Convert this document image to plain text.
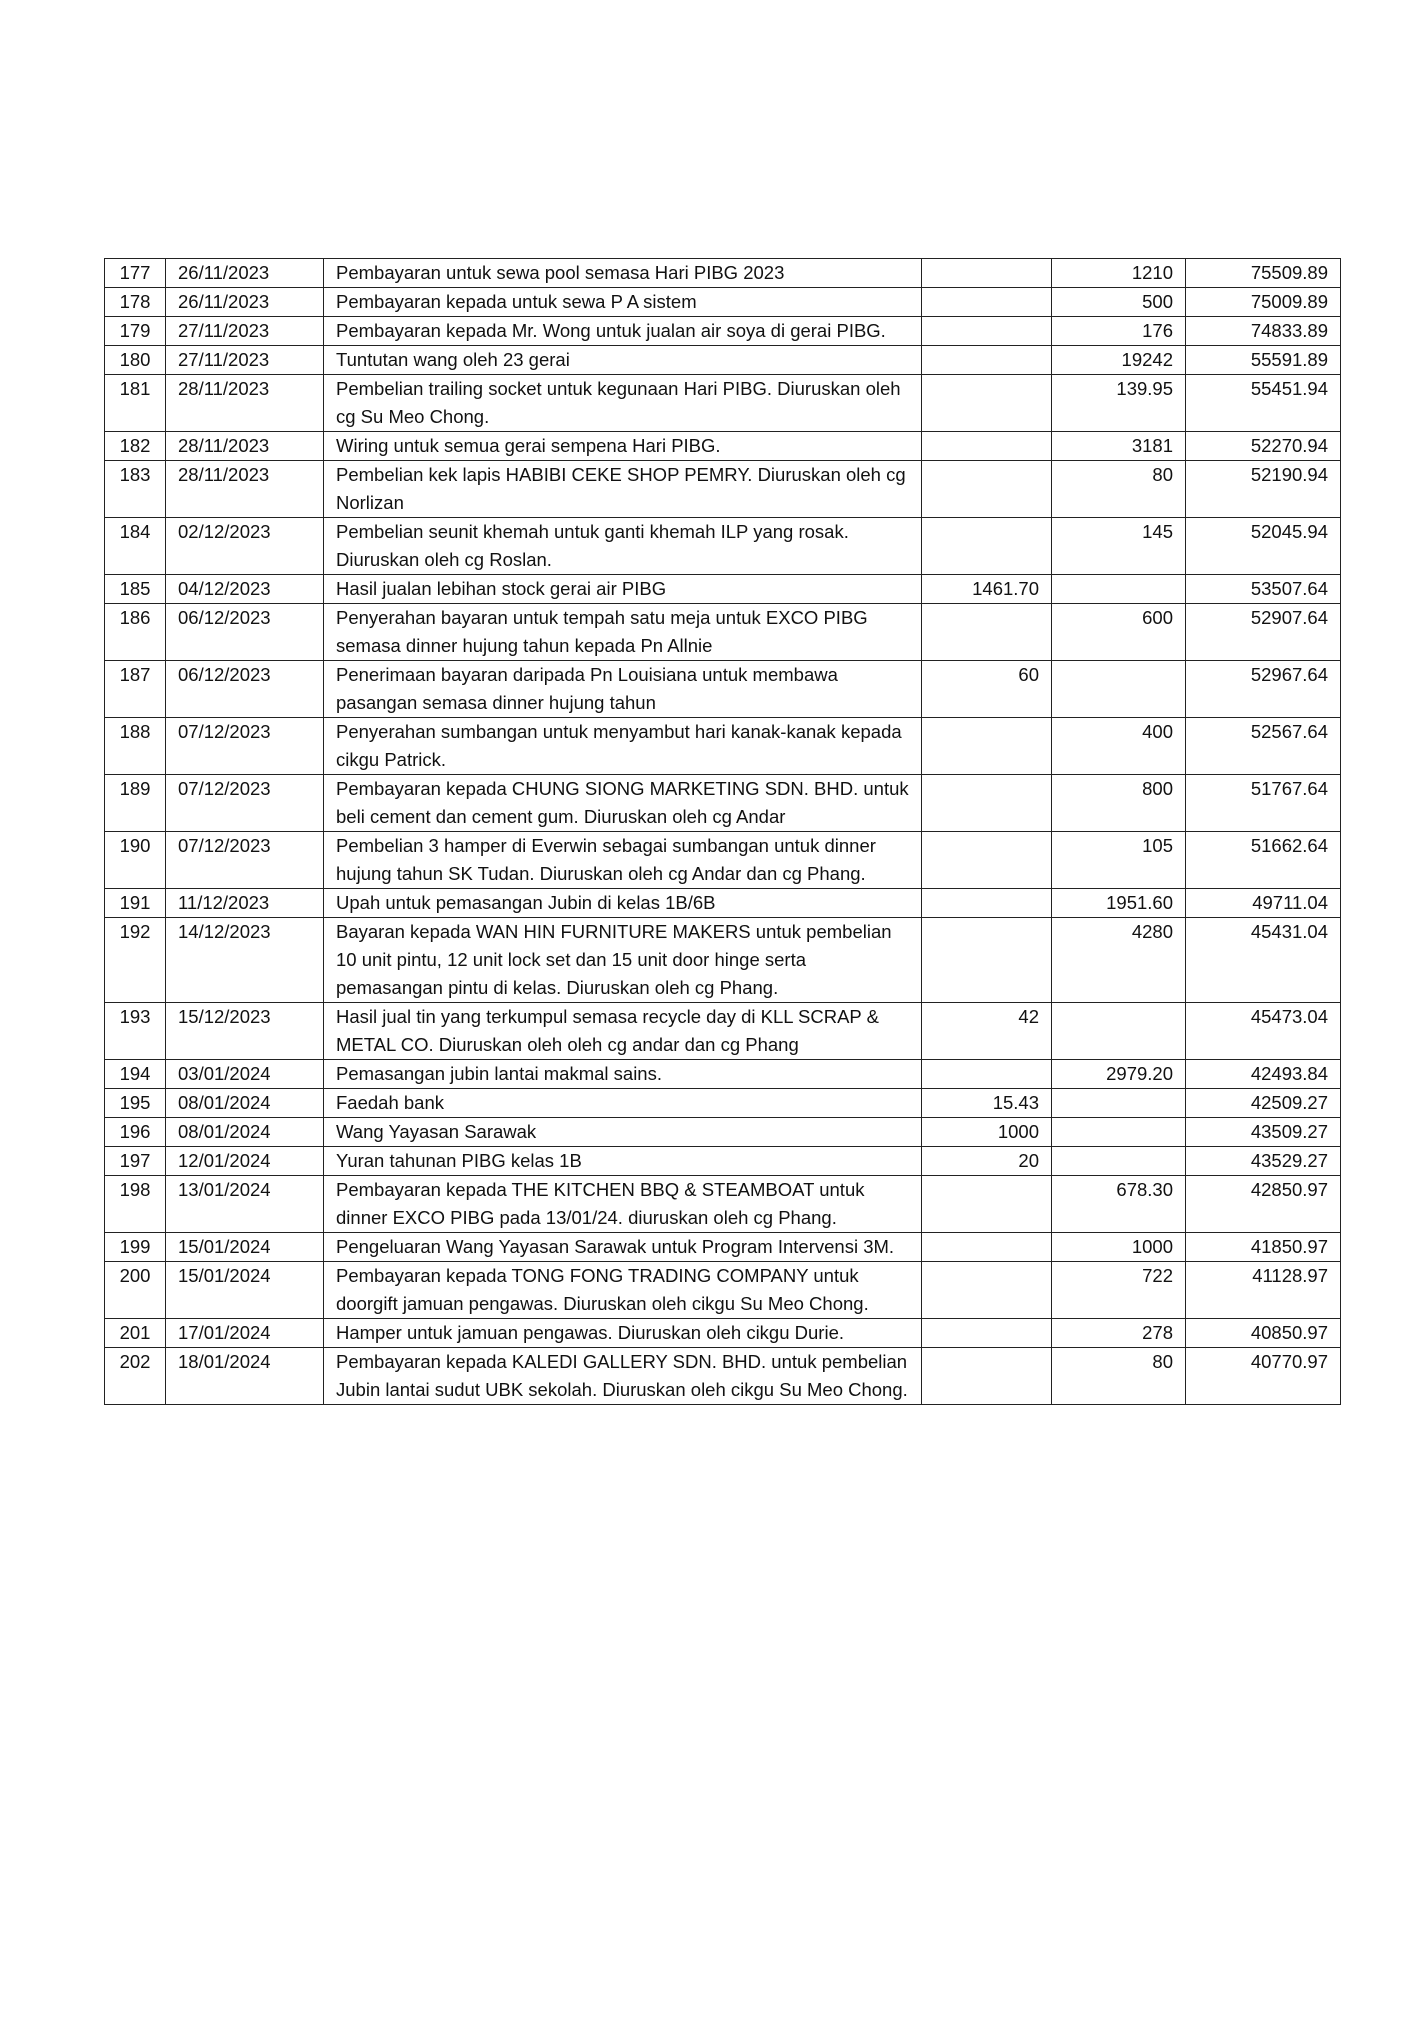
177	26/11/2023	Pembayaran untuk sewa pool semasa Hari PIBG 2023		1210	75509.89
178	26/11/2023	Pembayaran kepada untuk sewa P A sistem		500	75009.89
179	27/11/2023	Pembayaran kepada Mr. Wong untuk jualan air soya di gerai PIBG.		176	74833.89
180	27/11/2023	Tuntutan wang oleh 23 gerai		19242	55591.89
181	28/11/2023	Pembelian trailing socket untuk kegunaan Hari PIBG. Diuruskan oleh cg Su Meo Chong.		139.95	55451.94
182	28/11/2023	Wiring untuk semua gerai sempena Hari PIBG.		3181	52270.94
183	28/11/2023	Pembelian kek lapis HABIBI CEKE SHOP PEMRY. Diuruskan oleh cg Norlizan		80	52190.94
184	02/12/2023	Pembelian seunit khemah untuk ganti khemah ILP yang rosak. Diuruskan oleh cg Roslan.		145	52045.94
185	04/12/2023	Hasil jualan lebihan stock gerai air PIBG	1461.70		53507.64
186	06/12/2023	Penyerahan bayaran untuk tempah satu meja untuk EXCO PIBG semasa dinner hujung tahun kepada Pn Allnie		600	52907.64
187	06/12/2023	Penerimaan bayaran daripada Pn Louisiana untuk membawa pasangan semasa dinner hujung tahun	60		52967.64
188	07/12/2023	Penyerahan sumbangan untuk menyambut hari kanak-kanak kepada cikgu Patrick.		400	52567.64
189	07/12/2023	Pembayaran kepada CHUNG SIONG MARKETING SDN. BHD. untuk beli cement dan cement gum. Diuruskan oleh cg Andar		800	51767.64
190	07/12/2023	Pembelian 3 hamper di Everwin sebagai sumbangan untuk dinner hujung tahun SK Tudan. Diuruskan oleh cg Andar dan cg Phang.		105	51662.64
191	11/12/2023	Upah untuk pemasangan Jubin di kelas 1B/6B		1951.60	49711.04
192	14/12/2023	Bayaran kepada WAN HIN FURNITURE MAKERS untuk pembelian 10 unit pintu, 12 unit lock set dan 15 unit door hinge serta pemasangan pintu di kelas. Diuruskan oleh cg Phang.		4280	45431.04
193	15/12/2023	Hasil jual tin yang terkumpul semasa recycle day di KLL SCRAP & METAL CO. Diuruskan oleh oleh cg andar dan cg Phang	42		45473.04
194	03/01/2024	Pemasangan jubin lantai makmal sains.		2979.20	42493.84
195	08/01/2024	Faedah bank	15.43		42509.27
196	08/01/2024	Wang Yayasan Sarawak	1000		43509.27
197	12/01/2024	Yuran tahunan PIBG kelas 1B	20		43529.27
198	13/01/2024	Pembayaran kepada THE KITCHEN BBQ & STEAMBOAT untuk dinner EXCO PIBG pada 13/01/24. diuruskan oleh cg Phang.		678.30	42850.97
199	15/01/2024	Pengeluaran Wang Yayasan Sarawak untuk Program Intervensi 3M.		1000	41850.97
200	15/01/2024	Pembayaran kepada TONG FONG TRADING COMPANY untuk doorgift jamuan pengawas. Diuruskan oleh cikgu Su Meo Chong.		722	41128.97
201	17/01/2024	Hamper untuk jamuan pengawas. Diuruskan oleh cikgu Durie.		278	40850.97
202	18/01/2024	Pembayaran kepada KALEDI GALLERY SDN. BHD. untuk pembelian Jubin lantai sudut UBK sekolah. Diuruskan oleh cikgu Su Meo Chong.		80	40770.97
